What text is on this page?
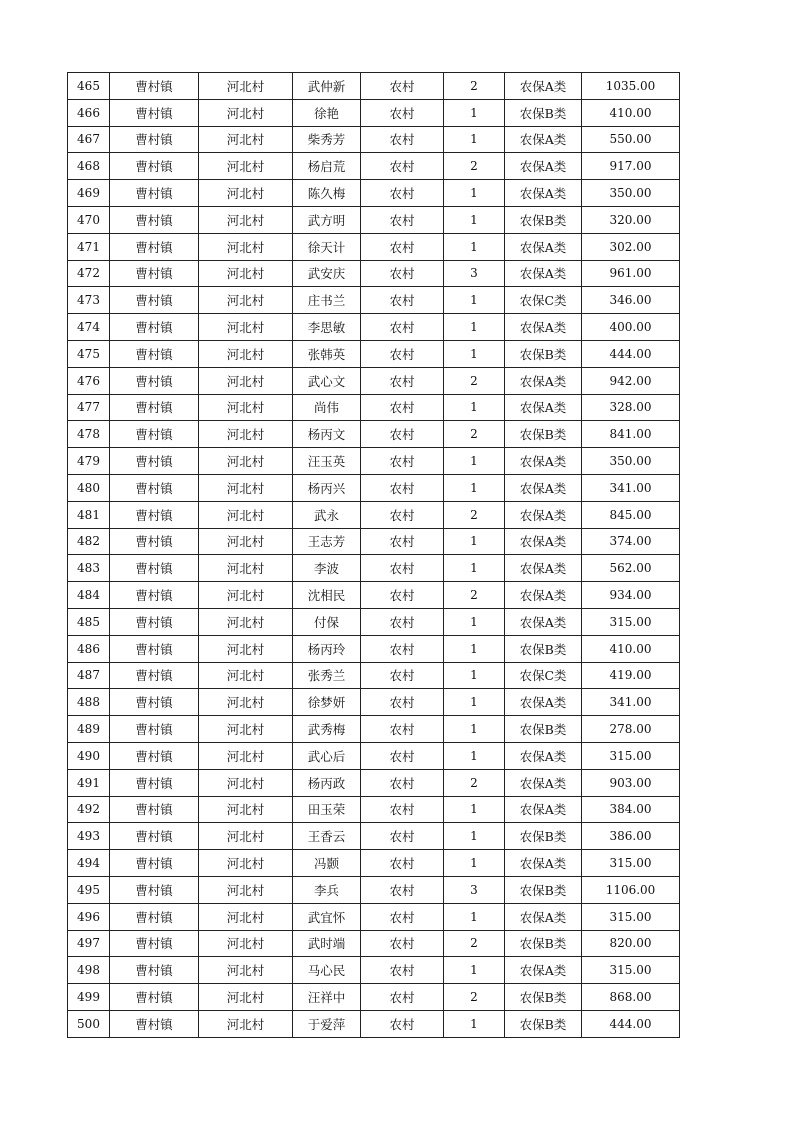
465	曹村镇	河北村	武仲新	农村	2	农保A类	1035.00
466	曹村镇	河北村	徐艳	农村	1	农保B类	410.00
467	曹村镇	河北村	柴秀芳	农村	1	农保A类	550.00
468	曹村镇	河北村	杨启荒	农村	2	农保A类	917.00
469	曹村镇	河北村	陈久梅	农村	1	农保A类	350.00
470	曹村镇	河北村	武方明	农村	1	农保B类	320.00
471	曹村镇	河北村	徐天计	农村	1	农保A类	302.00
472	曹村镇	河北村	武安庆	农村	3	农保A类	961.00
473	曹村镇	河北村	庄书兰	农村	1	农保C类	346.00
474	曹村镇	河北村	李思敏	农村	1	农保A类	400.00
475	曹村镇	河北村	张韩英	农村	1	农保B类	444.00
476	曹村镇	河北村	武心文	农村	2	农保A类	942.00
477	曹村镇	河北村	尚伟	农村	1	农保A类	328.00
478	曹村镇	河北村	杨丙文	农村	2	农保B类	841.00
479	曹村镇	河北村	汪玉英	农村	1	农保A类	350.00
480	曹村镇	河北村	杨丙兴	农村	1	农保A类	341.00
481	曹村镇	河北村	武永	农村	2	农保A类	845.00
482	曹村镇	河北村	王志芳	农村	1	农保A类	374.00
483	曹村镇	河北村	李波	农村	1	农保A类	562.00
484	曹村镇	河北村	沈相民	农村	2	农保A类	934.00
485	曹村镇	河北村	付保	农村	1	农保A类	315.00
486	曹村镇	河北村	杨丙玲	农村	1	农保B类	410.00
487	曹村镇	河北村	张秀兰	农村	1	农保C类	419.00
488	曹村镇	河北村	徐梦妍	农村	1	农保A类	341.00
489	曹村镇	河北村	武秀梅	农村	1	农保B类	278.00
490	曹村镇	河北村	武心后	农村	1	农保A类	315.00
491	曹村镇	河北村	杨丙政	农村	2	农保A类	903.00
492	曹村镇	河北村	田玉荣	农村	1	农保A类	384.00
493	曹村镇	河北村	王香云	农村	1	农保B类	386.00
494	曹村镇	河北村	冯颢	农村	1	农保A类	315.00
495	曹村镇	河北村	李兵	农村	3	农保B类	1106.00
496	曹村镇	河北村	武宜怀	农村	1	农保A类	315.00
497	曹村镇	河北村	武时端	农村	2	农保B类	820.00
498	曹村镇	河北村	马心民	农村	1	农保A类	315.00
499	曹村镇	河北村	汪祥中	农村	2	农保B类	868.00
500	曹村镇	河北村	于爱萍	农村	1	农保B类	444.00
